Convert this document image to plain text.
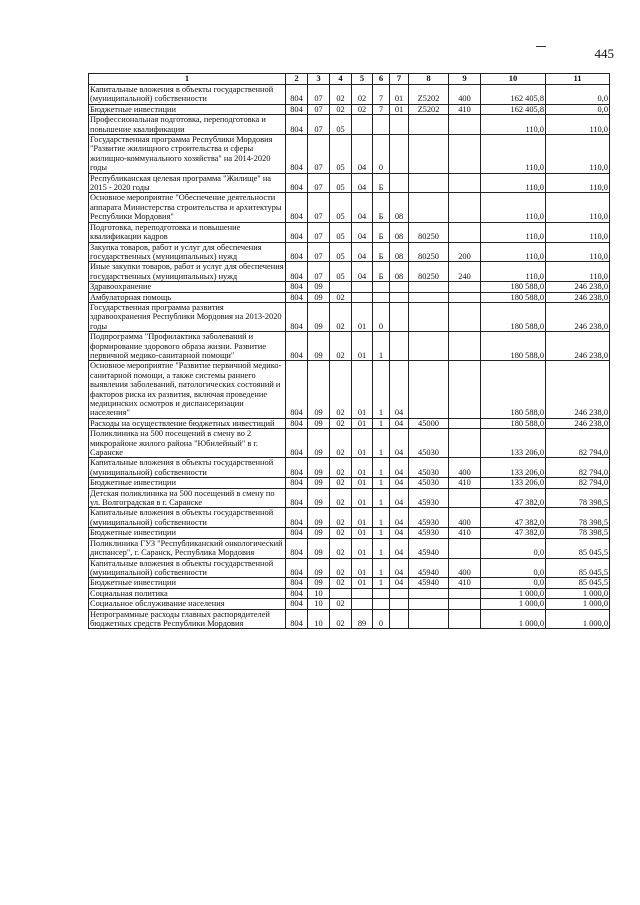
445
1	2	3	4	5	6	7	8	9	10	11
Капитальные вложения в объекты государственной (муниципальной) собственности	804	07	02	02	7	01	Z5202	400	162 405,8	0,0
Бюджетные инвестиции	804	07	02	02	7	01	Z5202	410	162 405,8	0,0
Профессиональная подготовка, переподготовка и повышение квалификации	804	07	05						110,0	110,0
Государственная программа Республики Мордовия "Развитие жилищного строительства и сферы жилищно-коммунального хозяйства" на 2014-2020 годы	804	07	05	04	0				110,0	110,0
Республиканская целевая программа "Жилище" на 2015 - 2020 годы	804	07	05	04	Б				110,0	110,0
Основное мероприятие "Обеспечение деятельности аппарата Министерства строительства и архитектуры Республики Мордовия"	804	07	05	04	Б	08			110,0	110,0
Подготовка, переподготовка и повышение квалификации кадров	804	07	05	04	Б	08	80250		110,0	110,0
Закупка товаров, работ и услуг для обеспечения государственных (муниципальных) нужд	804	07	05	04	Б	08	80250	200	110,0	110,0
Иные закупки товаров, работ и услуг для обеспечения государственных (муниципальных) нужд	804	07	05	04	Б	08	80250	240	110,0	110,0
Здравоохранение	804	09							180 588,0	246 238,0
Амбулаторная помощь	804	09	02						180 588,0	246 238,0
Государственная программа развития здравоохранения Республики Мордовия на 2013-2020 годы	804	09	02	01	0				180 588,0	246 238,0
Подпрограмма "Профилактика заболеваний и формирование здорового образа жизни. Развитие первичной медико-санитарной помощи"	804	09	02	01	1				180 588,0	246 238,0
Основное мероприятие "Развитие первичной медико-санитарной помощи, а также системы раннего выявления заболеваний, патологических состояний и факторов риска их развития, включая проведение медицинских осмотров и диспансеризации населения"	804	09	02	01	1	04			180 588,0	246 238,0
Расходы на осуществление бюджетных инвестиций	804	09	02	01	1	04	45000		180 588,0	246 238,0
Поликлиника на 500 посещений в смену во 2 микрорайоне жилого района "Юбилейный" в г. Саранске	804	09	02	01	1	04	45030		133 206,0	82 794,0
Капитальные вложения в объекты государственной (муниципальной) собственности	804	09	02	01	1	04	45030	400	133 206,0	82 794,0
Бюджетные инвестиции	804	09	02	01	1	04	45030	410	133 206,0	82 794,0
Детская поликлиника на 500 посещений в смену по ул. Волгоградская в г. Саранске	804	09	02	01	1	04	45930		47 382,0	78 398,5
Капитальные вложения в объекты государственной (муниципальной) собственности	804	09	02	01	1	04	45930	400	47 382,0	78 398,5
Бюджетные инвестиции	804	09	02	01	1	04	45930	410	47 382,0	78 398,5
Поликлиника ГУЗ "Республиканский онкологический диспансер", г. Саранск, Республика Мордовия	804	09	02	01	1	04	45940		0,0	85 045,5
Капитальные вложения в объекты государственной (муниципальной) собственности	804	09	02	01	1	04	45940	400	0,0	85 045,5
Бюджетные инвестиции	804	09	02	01	1	04	45940	410	0,0	85 045,5
Социальная политика	804	10							1 000,0	1 000,0
Социальное обслуживание населения	804	10	02						1 000,0	1 000,0
Непрограммные расходы главных распорядителей бюджетных средств Республики Мордовия	804	10	02	89	0				1 000,0	1 000,0
